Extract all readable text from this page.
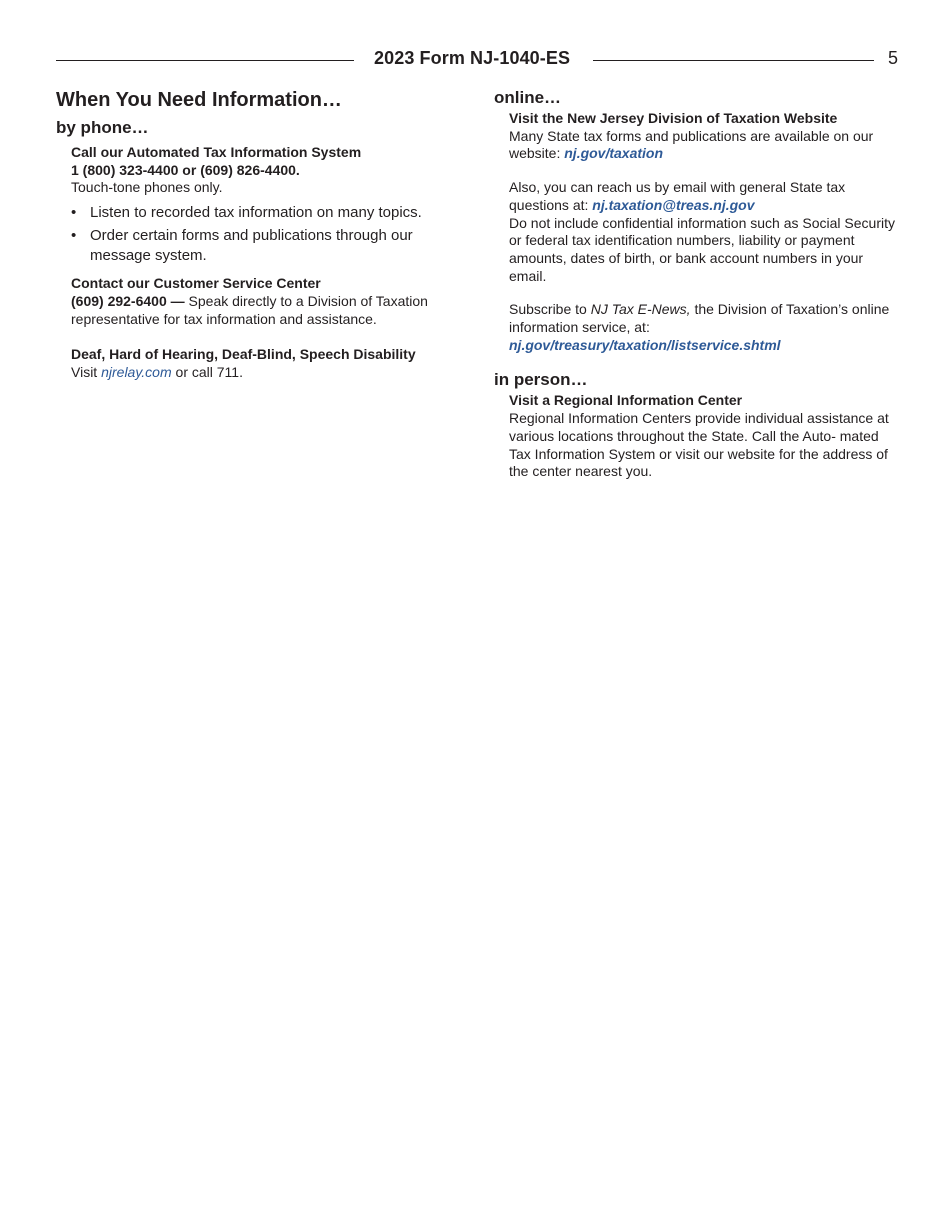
2023 Form NJ-1040-ES	5
When You Need Information…
by phone…
Call our Automated Tax Information System
1 (800) 323-4400 or (609) 826-4400.
Touch-tone phones only.
• Listen to recorded tax information on many topics.
• Order certain forms and publications through our message system.
Contact our Customer Service Center
(609) 292-6400 — Speak directly to a Division of Taxation representative for tax information and assistance.
Deaf, Hard of Hearing, Deaf-Blind, Speech Disability
Visit njrelay.com or call 711.
online…
Visit the New Jersey Division of Taxation Website
Many State tax forms and publications are available on our website: nj.gov/taxation
Also, you can reach us by email with general State tax questions at: nj.taxation@treas.nj.gov
Do not include confidential information such as Social Security or federal tax identification numbers, liability or payment amounts, dates of birth, or bank account numbers in your email.
Subscribe to NJ Tax E-News, the Division of Taxation’s online information service, at:
nj.gov/treasury/taxation/listservice.shtml
in person…
Visit a Regional Information Center
Regional Information Centers provide individual assistance at various locations throughout the State. Call the Auto- mated Tax Information System or visit our website for the address of the center nearest you.
